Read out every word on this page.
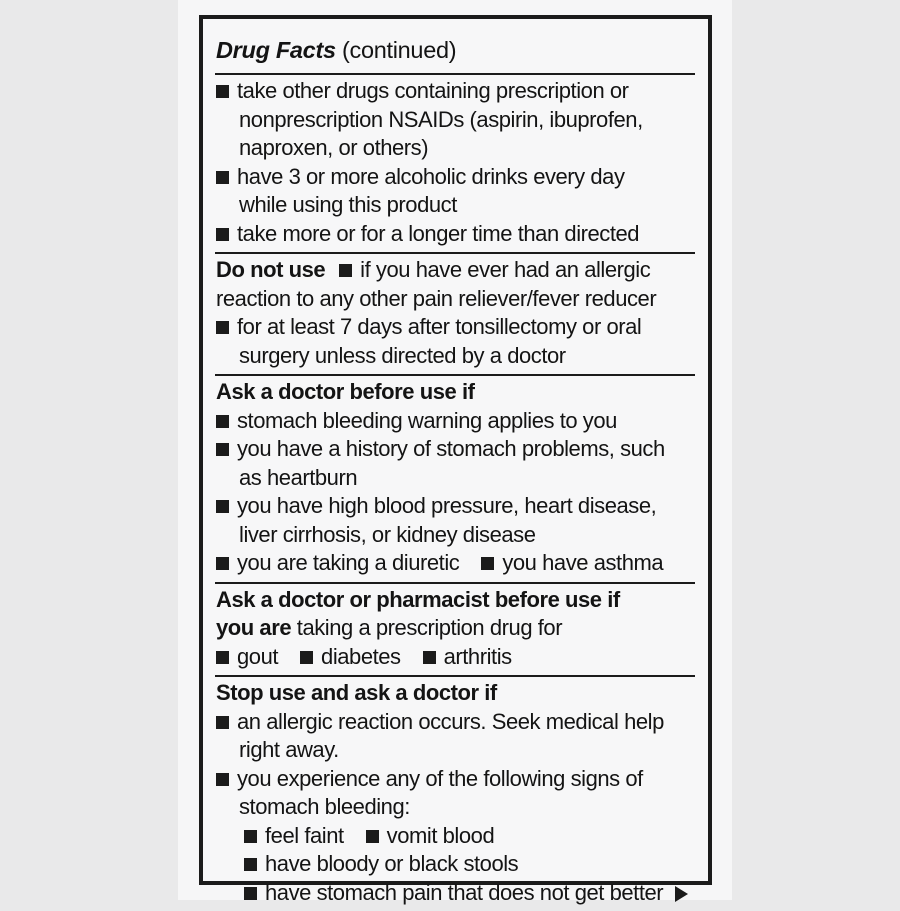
Drug Facts (continued)
take other drugs containing prescription or
nonprescription NSAIDs (aspirin, ibuprofen,
naproxen, or others)
have 3 or more alcoholic drinks every day
while using this product
take more or for a longer time than directed
Do not use if you have ever had an allergic
reaction to any other pain reliever/fever reducer
for at least 7 days after tonsillectomy or oral
surgery unless directed by a doctor
Ask a doctor before use if
stomach bleeding warning applies to you
you have a history of stomach problems, such
as heartburn
you have high blood pressure, heart disease,
liver cirrhosis, or kidney disease
you are taking a diuretic you have asthma
Ask a doctor or pharmacist before use if
you are taking a prescription drug for
gout diabetes arthritis
Stop use and ask a doctor if
an allergic reaction occurs. Seek medical help
right away.
you experience any of the following signs of
stomach bleeding:
feel faint vomit blood
have bloody or black stools
have stomach pain that does not get better
